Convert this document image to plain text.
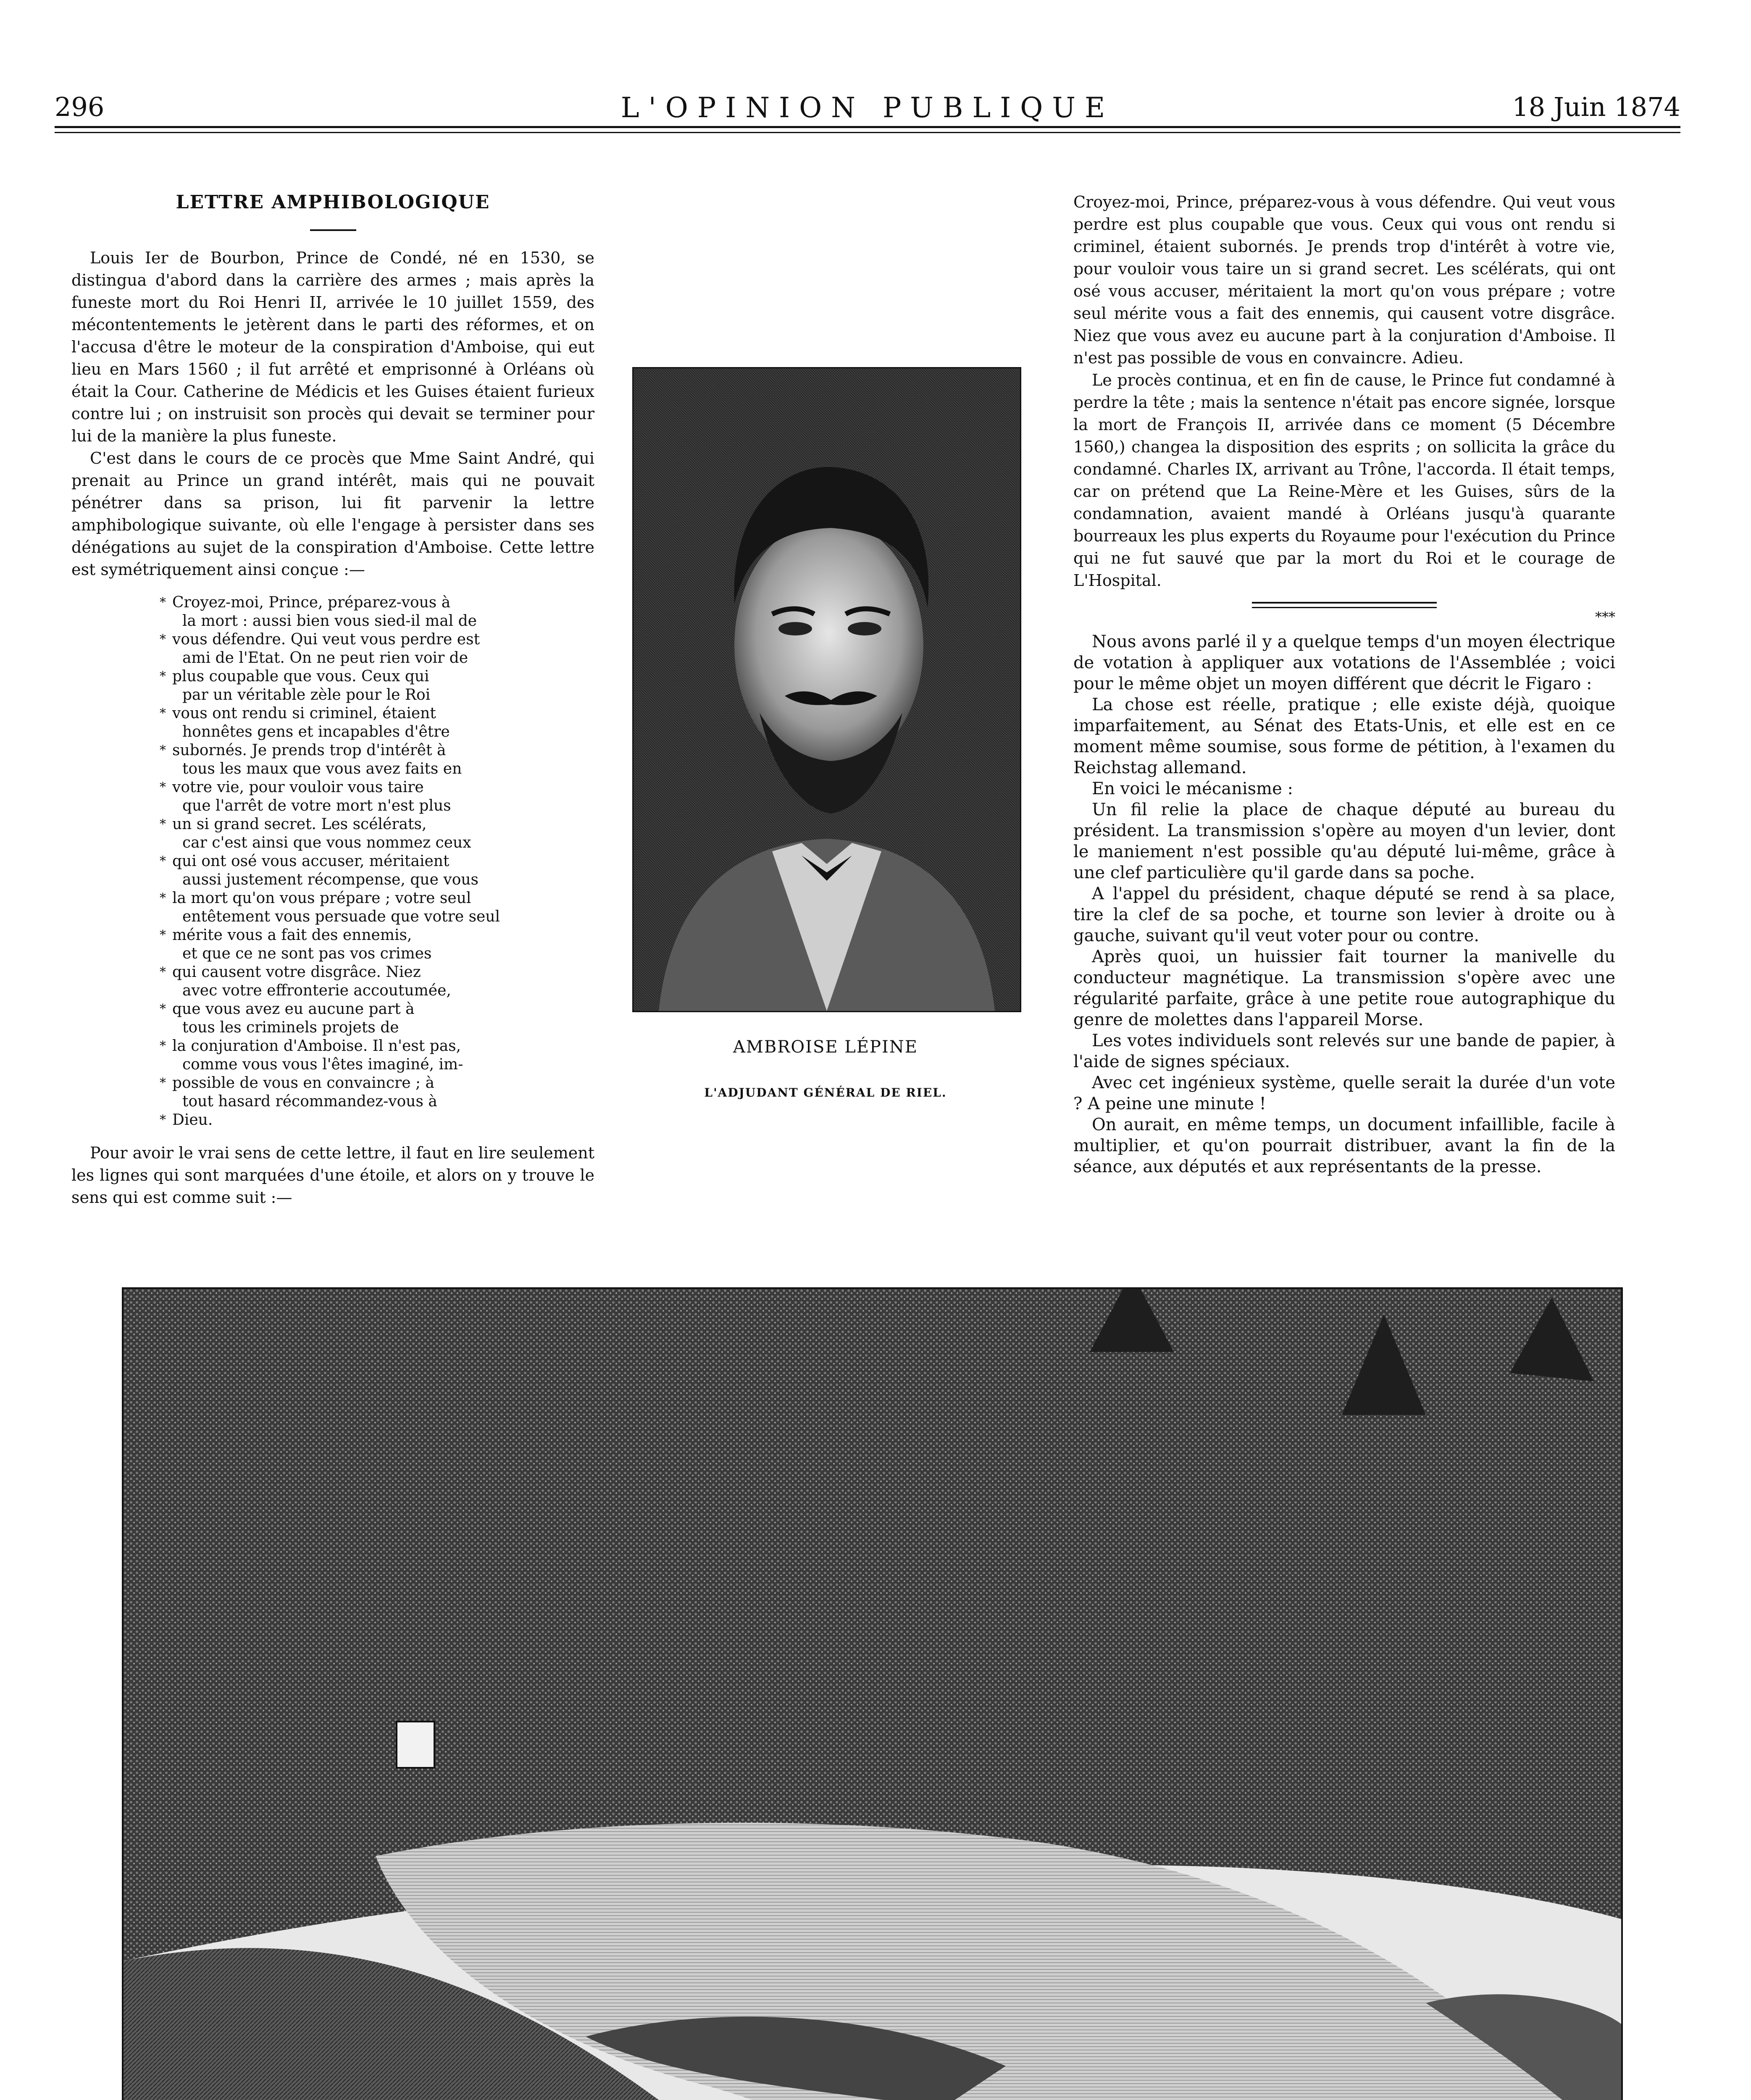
296	L'OPINION PUBLIQUE	18 Juin 1874
LETTRE AMPHIBOLOGIQUE

Louis Ier de Bourbon, Prince de Condé, né en 1530, se distingua d'abord dans la carrière des armes ; mais après la funeste mort du Roi Henri II, arrivée le 10 juillet 1559, des mécontentements le jetèrent dans le parti des réformes, et on l'accusa d'être le moteur de la conspiration d'Amboise, qui eut lieu en Mars 1560 ; il fut arrêté et emprisonné à Orléans où était la Cour. Catherine de Médicis et les Guises étaient furieux contre lui ; on instruisit son procès qui devait se terminer pour lui de la manière la plus funeste.

C'est dans le cours de ce procès que Mme Saint André, qui prenait au Prince un grand intérêt, mais qui ne pouvait pénétrer dans sa prison, lui fit parvenir la lettre amphibologique suivante, où elle l'engage à persister dans ses dénégations au sujet de la conspiration d'Amboise. Cette lettre est symétriquement ainsi conçue :—

* Croyez-moi, Prince, préparez-vous à
la mort : aussi bien vous sied-il mal de
* vous défendre. Qui veut vous perdre est
ami de l'Etat. On ne peut rien voir de
* plus coupable que vous. Ceux qui
par un véritable zèle pour le Roi
* vous ont rendu si criminel, étaient
honnêtes gens et incapables d'être
* subornés. Je prends trop d'intérêt à
tous les maux que vous avez faits en
* votre vie, pour vouloir vous taire
que l'arrêt de votre mort n'est plus
* un si grand secret. Les scélérats,
car c'est ainsi que vous nommez ceux
* qui ont osé vous accuser, méritaient
aussi justement récompense, que vous
* la mort qu'on vous prépare ; votre seul
entêtement vous persuade que votre seul
* mérite vous a fait des ennemis,
et que ce ne sont pas vos crimes
* qui causent votre disgrâce. Niez
avec votre effronterie accoutumée,
* que vous avez eu aucune part à
tous les criminels projets de
* la conjuration d'Amboise. Il n'est pas,
comme vous vous l'êtes imaginé, im-
* possible de vous en convaincre ; à
tout hasard récommandez-vous à
* Dieu.

Pour avoir le vrai sens de cette lettre, il faut en lire seulement les lignes qui sont marquées d'une étoile, et alors on y trouve le sens qui est comme suit :—

AMBROISE LÉPINE
L'ADJUDANT GÉNÉRAL DE RIEL.

Croyez-moi, Prince, préparez-vous à vous défendre. Qui veut vous perdre est plus coupable que vous. Ceux qui vous ont rendu si criminel, étaient subornés. Je prends trop d'intérêt à votre vie, pour vouloir vous taire un si grand secret. Les scélérats, qui ont osé vous accuser, méritaient la mort qu'on vous prépare ; votre seul mérite vous a fait des ennemis, qui causent votre disgrâce. Niez que vous avez eu aucune part à la conjuration d'Amboise. Il n'est pas possible de vous en convaincre. Adieu.

Le procès continua, et en fin de cause, le Prince fut condamné à perdre la tête ; mais la sentence n'était pas encore signée, lorsque la mort de François II, arrivée dans ce moment (5 Décembre 1560,) changea la disposition des esprits ; on sollicita la grâce du condamné. Charles IX, arrivant au Trône, l'accorda. Il était temps, car on prétend que La Reine-Mère et les Guises, sûrs de la condamnation, avaient mandé à Orléans jusqu'à quarante bourreaux les plus experts du Royaume pour l'exécution du Prince qui ne fut sauvé que par la mort du Roi et le courage de L'Hospital.

***

Nous avons parlé il y a quelque temps d'un moyen électrique de votation à appliquer aux votations de l'Assemblée ; voici pour le même objet un moyen différent que décrit le Figaro :

La chose est réelle, pratique ; elle existe déjà, quoique imparfaitement, au Sénat des Etats-Unis, et elle est en ce moment même soumise, sous forme de pétition, à l'examen du Reichstag allemand.

En voici le mécanisme :

Un fil relie la place de chaque député au bureau du président. La transmission s'opère au moyen d'un levier, dont le maniement n'est possible qu'au député lui-même, grâce à une clef particulière qu'il garde dans sa poche.

A l'appel du président, chaque député se rend à sa place, tire la clef de sa poche, et tourne son levier à droite ou à gauche, suivant qu'il veut voter pour ou contre.

Après quoi, un huissier fait tourner la manivelle du conducteur magnétique. La transmission s'opère avec une régularité parfaite, grâce à une petite roue autographique du genre de molettes dans l'appareil Morse.

Les votes individuels sont relevés sur une bande de papier, à l'aide de signes spéciaux.

Avec cet ingénieux système, quelle serait la durée d'un vote ? A peine une minute !

On aurait, en même temps, un document infaillible, facile à multiplier, et qu'on pourrait distribuer, avant la fin de la séance, aux députés et aux représentants de la presse.
